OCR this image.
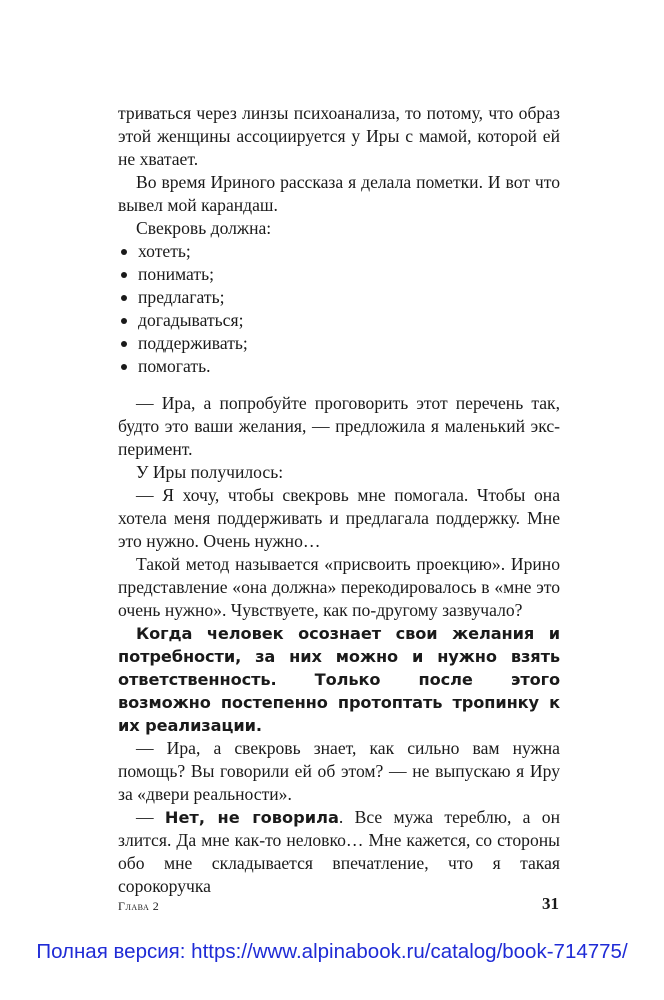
триваться через линзы психоанализа, то потому, что образ этой женщины ассоциируется у Иры с мамой, которой ей не хватает.

Во время Ириного рассказа я делала пометки. И вот что вывел мой карандаш.

Свекровь должна:

хотеть;
понимать;
предлагать;
догадываться;
поддерживать;
помогать.

— Ира, а попробуйте проговорить этот перечень так, будто это ваши желания, — предложила я маленький эксперимент.

У Иры получилось:

— Я хочу, чтобы свекровь мне помогала. Чтобы она хотела меня поддерживать и предлагала поддержку. Мне это нужно. Очень нужно…

Такой метод называется «присвоить проекцию». Ирино представление «она должна» перекодировалось в «мне это очень нужно». Чувствуете, как по-другому зазвучало?

Когда человек осознает свои желания и потребности, за них можно и нужно взять ответственность. Только после этого возможно постепенно протоптать тропинку к их реализации.

— Ира, а свекровь знает, как сильно вам нужна помощь? Вы говорили ей об этом? — не выпускаю я Иру за «двери реальности».

— Нет, не говорила. Все мужа тереблю, а он злится. Да мне как-то неловко… Мне кажется, со стороны обо мне складывается впечатление, что я такая сорокоручка

Глава 2	31
Полная версия: https://www.alpinabook.ru/catalog/book-714775/
